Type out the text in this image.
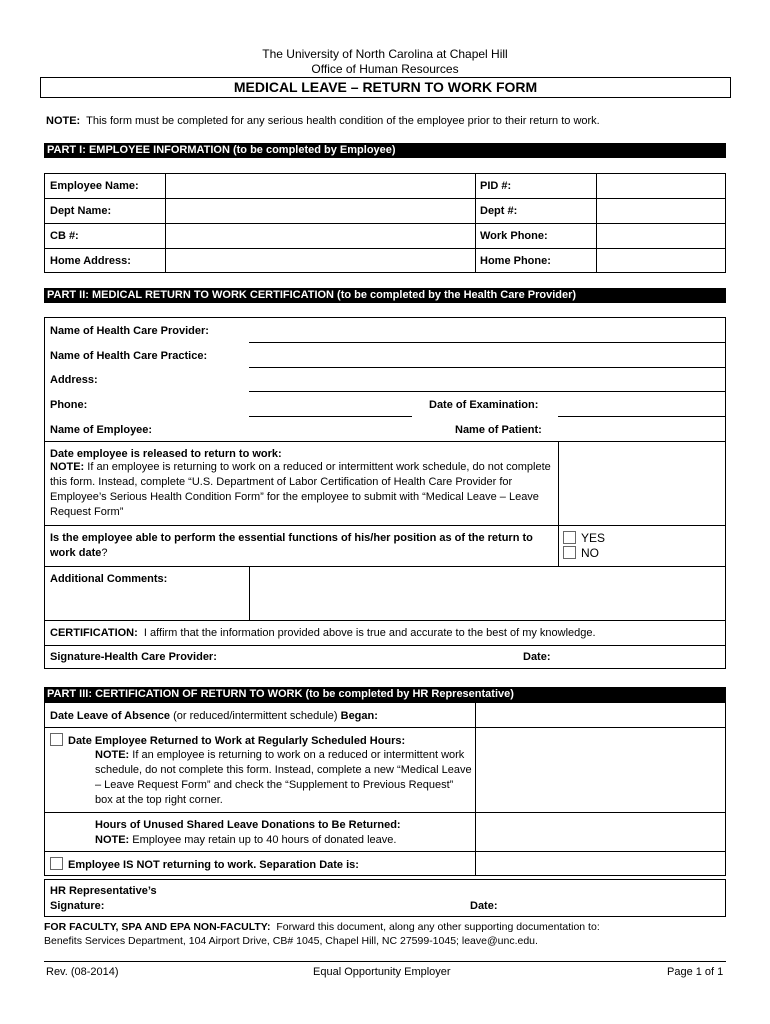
The University of North Carolina at Chapel Hill
Office of Human Resources
MEDICAL LEAVE – RETURN TO WORK FORM
NOTE: This form must be completed for any serious health condition of the employee prior to their return to work.
PART I: EMPLOYEE INFORMATION (to be completed by Employee)
Employee Name:	PID #:
Dept Name:	Dept #:
CB #:	Work Phone:
Home Address:	Home Phone:
PART II: MEDICAL RETURN TO WORK CERTIFICATION (to be completed by the Health Care Provider)
Name of Health Care Provider:
Name of Health Care Practice:
Address:
Phone:	Date of Examination:
Name of Employee:	Name of Patient:
Date employee is released to return to work:
NOTE: If an employee is returning to work on a reduced or intermittent work schedule, do not complete this form. Instead, complete “U.S. Department of Labor Certification of Health Care Provider for Employee’s Serious Health Condition Form” for the employee to submit with “Medical Leave – Leave Request Form”
Is the employee able to perform the essential functions of his/her position as of the return to work date?
YES
NO
Additional Comments:
CERTIFICATION: I affirm that the information provided above is true and accurate to the best of my knowledge.
Signature-Health Care Provider:	Date:
PART III: CERTIFICATION OF RETURN TO WORK (to be completed by HR Representative)
Date Leave of Absence (or reduced/intermittent schedule) Began:
Date Employee Returned to Work at Regularly Scheduled Hours:
NOTE: If an employee is returning to work on a reduced or intermittent work schedule, do not complete this form. Instead, complete a new “Medical Leave – Leave Request Form” and check the “Supplement to Previous Request” box at the top right corner.
Hours of Unused Shared Leave Donations to Be Returned:
NOTE: Employee may retain up to 40 hours of donated leave.
Employee IS NOT returning to work. Separation Date is:
HR Representative’s
Signature:	Date:
FOR FACULTY, SPA AND EPA NON-FACULTY: Forward this document, along any other supporting documentation to:
Benefits Services Department, 104 Airport Drive, CB# 1045, Chapel Hill, NC 27599-1045; leave@unc.edu.
Rev. (08-2014)	Equal Opportunity Employer	Page 1 of 1
